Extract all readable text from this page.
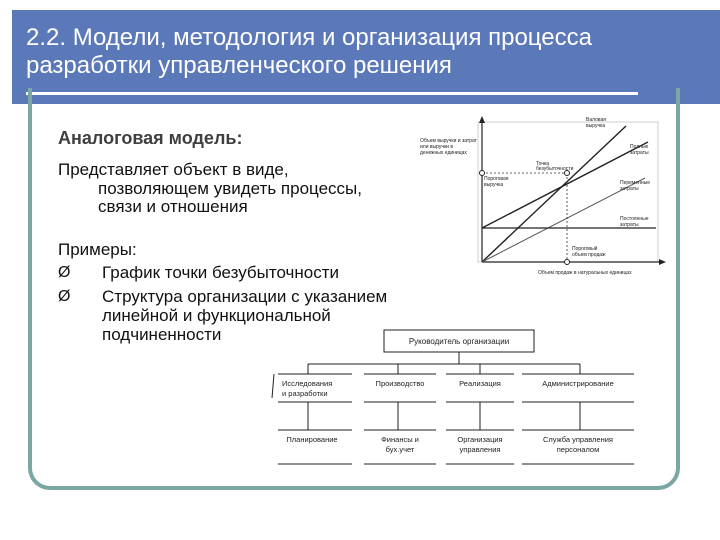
2.2. Модели, методология и организация процесса разработки управленческого решения
Аналоговая модель:
Представляет объект в виде,
позволяющем увидеть процессы,
связи и отношения
Примеры:
Ø График точки безубыточности
Ø Структура организации с указанием
линейной и функциональной
подчиненности
Объем выручки и затрат
или выручки в
денежных единицах
Точка
безубыточности
Пороговая
выручка
Пороговый
объем продаж
Валовая
выручка
Полные
затраты
Переменные
затраты
Постоянные
затраты
Объем продаж в натуральных единицах
Руководитель организации
Исследования
и разработки
Производство	Реализация	Администрирование
Планирование	Финансы и
бух.учет
Организация
управления
Служба управления
персоналом
